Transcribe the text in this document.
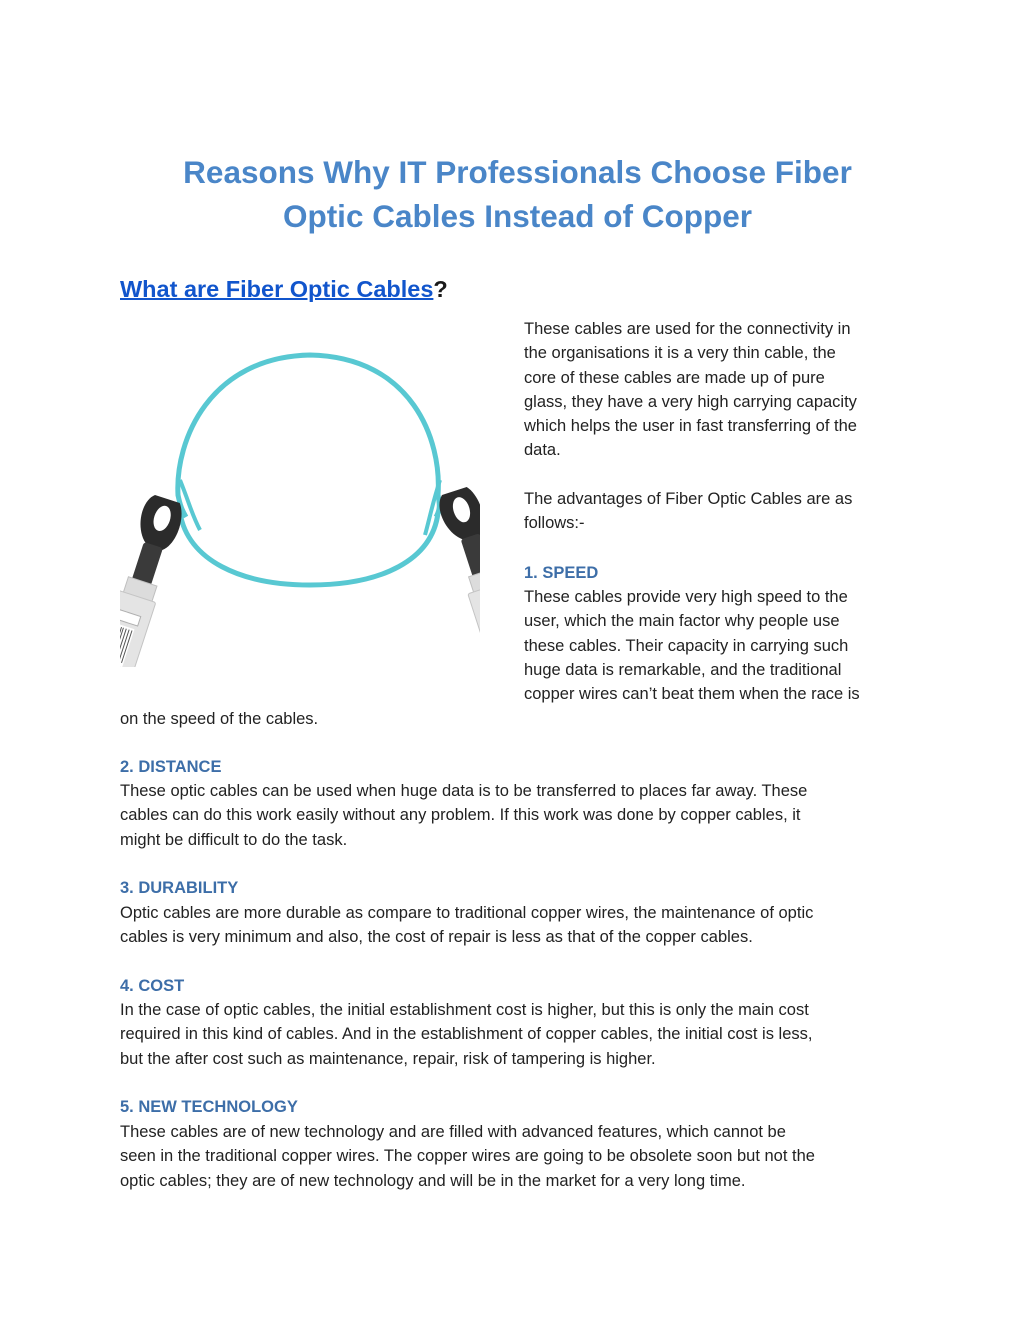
Reasons Why IT Professionals Choose Fiber
Optic Cables Instead of Copper
What are Fiber Optic Cables?
These cables are used for the connectivity in
the organisations it is a very thin cable, the
core of these cables are made up of pure
glass, they have a very high carrying capacity
which helps the user in fast transferring of the
data.
The advantages of Fiber Optic Cables are as
follows:-
1. SPEED
These cables provide very high speed to the
user, which the main factor why people use
these cables. Their capacity in carrying such
huge data is remarkable, and the traditional
copper wires can’t beat them when the race is
on the speed of the cables.
2. DISTANCE
These optic cables can be used when huge data is to be transferred to places far away. These
cables can do this work easily without any problem. If this work was done by copper cables, it
might be difficult to do the task.
3. DURABILITY
Optic cables are more durable as compare to traditional copper wires, the maintenance of optic
cables is very minimum and also, the cost of repair is less as that of the copper cables.
4. COST
In the case of optic cables, the initial establishment cost is higher, but this is only the main cost
required in this kind of cables. And in the establishment of copper cables, the initial cost is less,
but the after cost such as maintenance, repair, risk of tampering is higher.
5. NEW TECHNOLOGY
These cables are of new technology and are filled with advanced features, which cannot be
seen in the traditional copper wires. The copper wires are going to be obsolete soon but not the
optic cables; they are of new technology and will be in the market for a very long time.
